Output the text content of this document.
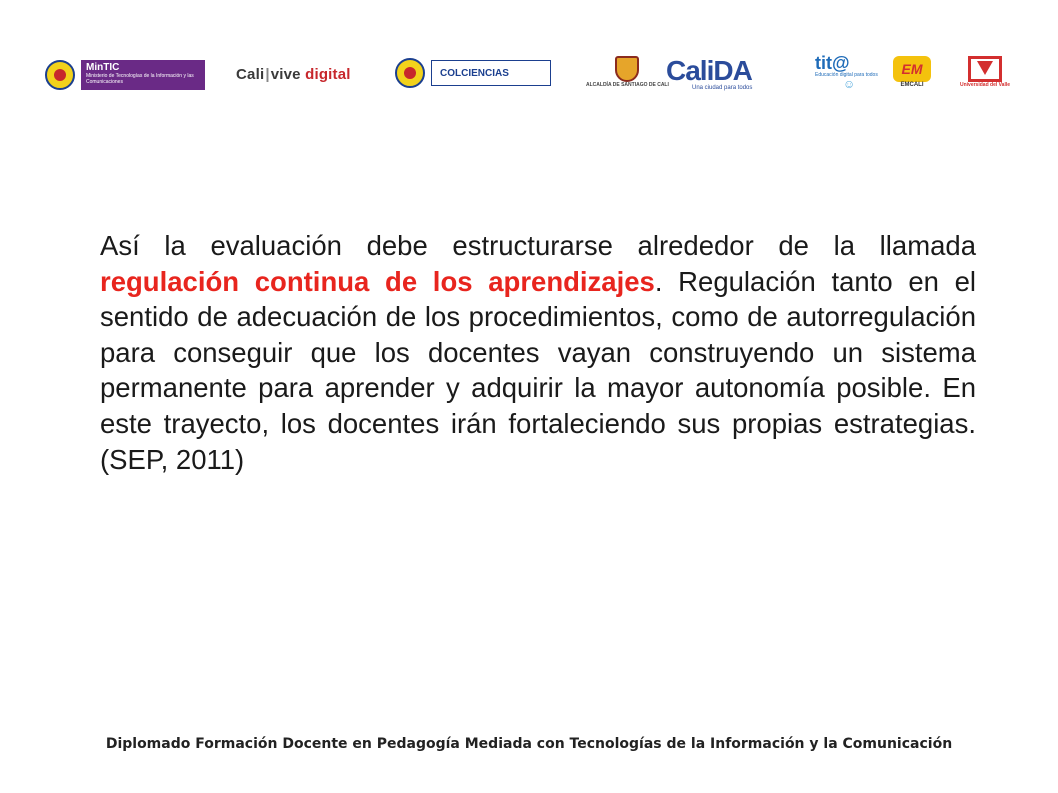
MinTIC
Ministerio de Tecnologías de la Información y las Comunicaciones	Cali | vive
digital	COLCIENCIAS
ALCALDÍA DE SANTIAGO DE CALI
CaliDA
Una ciudad para todos
tit@
Educación digital para todos
☺
EM
EMCALI	Universidad del Valle
Así la evaluación debe estructurarse alrededor de la llamada regulación continua de los aprendizajes. Regulación tanto en el sentido de adecuación de los procedimientos, como de autorregulación para conseguir que los docentes vayan construyendo un sistema permanente para aprender y adquirir la mayor autonomía posible. En este trayecto, los docentes irán fortaleciendo sus propias estrategias. (SEP, 2011)
Diplomado Formación Docente en Pedagogía Mediada con Tecnologías de la Información y la Comunicación
